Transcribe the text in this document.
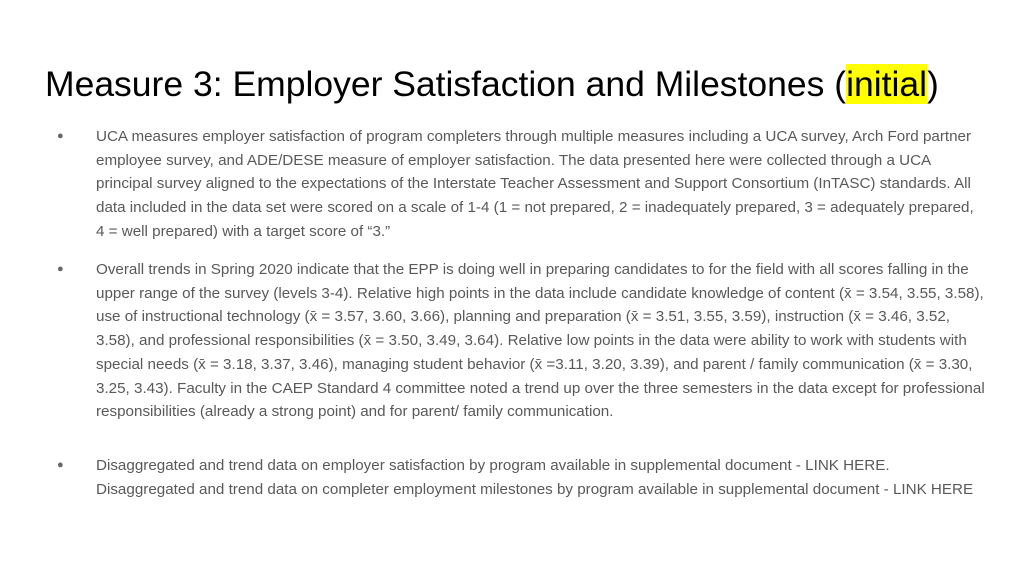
Measure 3: Employer Satisfaction and Milestones (initial)
● UCA measures employer satisfaction of program completers through multiple measures including a UCA survey, Arch Ford partner employee survey, and ADE/DESE measure of employer satisfaction. The data presented here were collected through a UCA principal survey aligned to the expectations of the Interstate Teacher Assessment and Support Consortium (InTASC) standards. All data included in the data set were scored on a scale of 1-4 (1 = not prepared, 2 = inadequately prepared, 3 = adequately prepared, 4 = well prepared) with a target score of “3.”

● Overall trends in Spring 2020 indicate that the EPP is doing well in preparing candidates to for the field with all scores falling in the upper range of the survey (levels 3-4). Relative high points in the data include candidate knowledge of content (x̄ = 3.54, 3.55, 3.58), use of instructional technology (x̄ = 3.57, 3.60, 3.66), planning and preparation (x̄ = 3.51, 3.55, 3.59), instruction (x̄ = 3.46, 3.52, 3.58), and professional responsibilities (x̄ = 3.50, 3.49, 3.64). Relative low points in the data were ability to work with students with special needs (x̄ = 3.18, 3.37, 3.46), managing student behavior (x̄ =3.11, 3.20, 3.39), and parent / family communication (x̄ = 3.30, 3.25, 3.43). Faculty in the CAEP Standard 4 committee noted a trend up over the three semesters in the data except for professional responsibilities (already a strong point) and for parent/ family communication.

● Disaggregated and trend data on employer satisfaction by program available in supplemental document - LINK HERE. Disaggregated and trend data on completer employment milestones by program available in supplemental document - LINK HERE
